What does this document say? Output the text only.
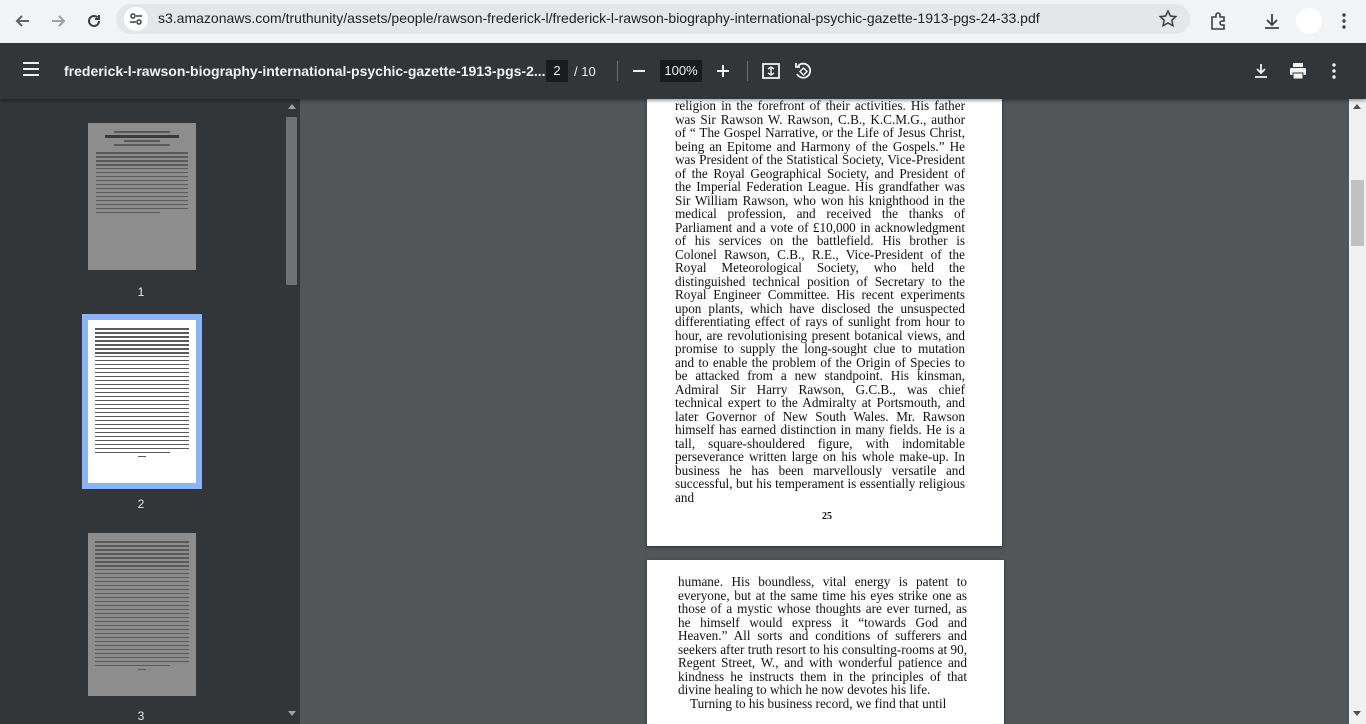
s3.amazonaws.com/truthunity/assets/people/rawson-frederick-l/frederick-l-rawson-biography-international-psychic-gazette-1913-pgs-24-33.pdf
frederick-l-rawson-biography-international-psychic-gazette-1913-pgs-2... 2	/ 10	100%
1
2
3

religion in the forefront of their activities. His father was Sir Rawson W. Rawson, C.B., K.C.M.G., author of “ The Gospel Narrative, or the Life of Jesus Christ, being an Epitome and Harmony of the Gospels.” He was President of the Statistical Society, Vice-President of the Royal Geographical Society, and President of the Imperial Federation League. His grandfather was Sir William Rawson, who won his knighthood in the medical profession, and received the thanks of Parliament and a vote of £10,000 in acknowledgment of his services on the battlefield. His brother is Colonel Rawson, C.B., R.E., Vice-President of the Royal Meteorological Society, who held the distinguished technical position of Secretary to the Royal Engineer Committee. His recent experiments upon plants, which have disclosed the unsuspected differentiating effect of rays of sunlight from hour to hour, are revolutionising present botanical views, and promise to supply the long-sought clue to mutation and to enable the problem of the Origin of Species to be attacked from a new standpoint. His kinsman, Admiral Sir Harry Rawson, G.C.B., was chief technical expert to the Admiralty at Portsmouth, and later Governor of New South Wales. Mr. Rawson himself has earned distinction in many fields. He is a tall, square-shouldered figure, with indomitable perseverance written large on his whole make-up. In business he has been marvellously versatile and successful, but his temperament is essentially religious and

25

humane. His boundless, vital energy is patent to everyone, but at the same time his eyes strike one as those of a mystic whose thoughts are ever turned, as he himself would express it “towards God and Heaven.” All sorts and conditions of sufferers and seekers after truth resort to his consulting-rooms at 90, Regent Street, W., and with wonderful patience and kindness he instructs them in the principles of that divine healing to which he now devotes his life.

Turning to his business record, we find that until
